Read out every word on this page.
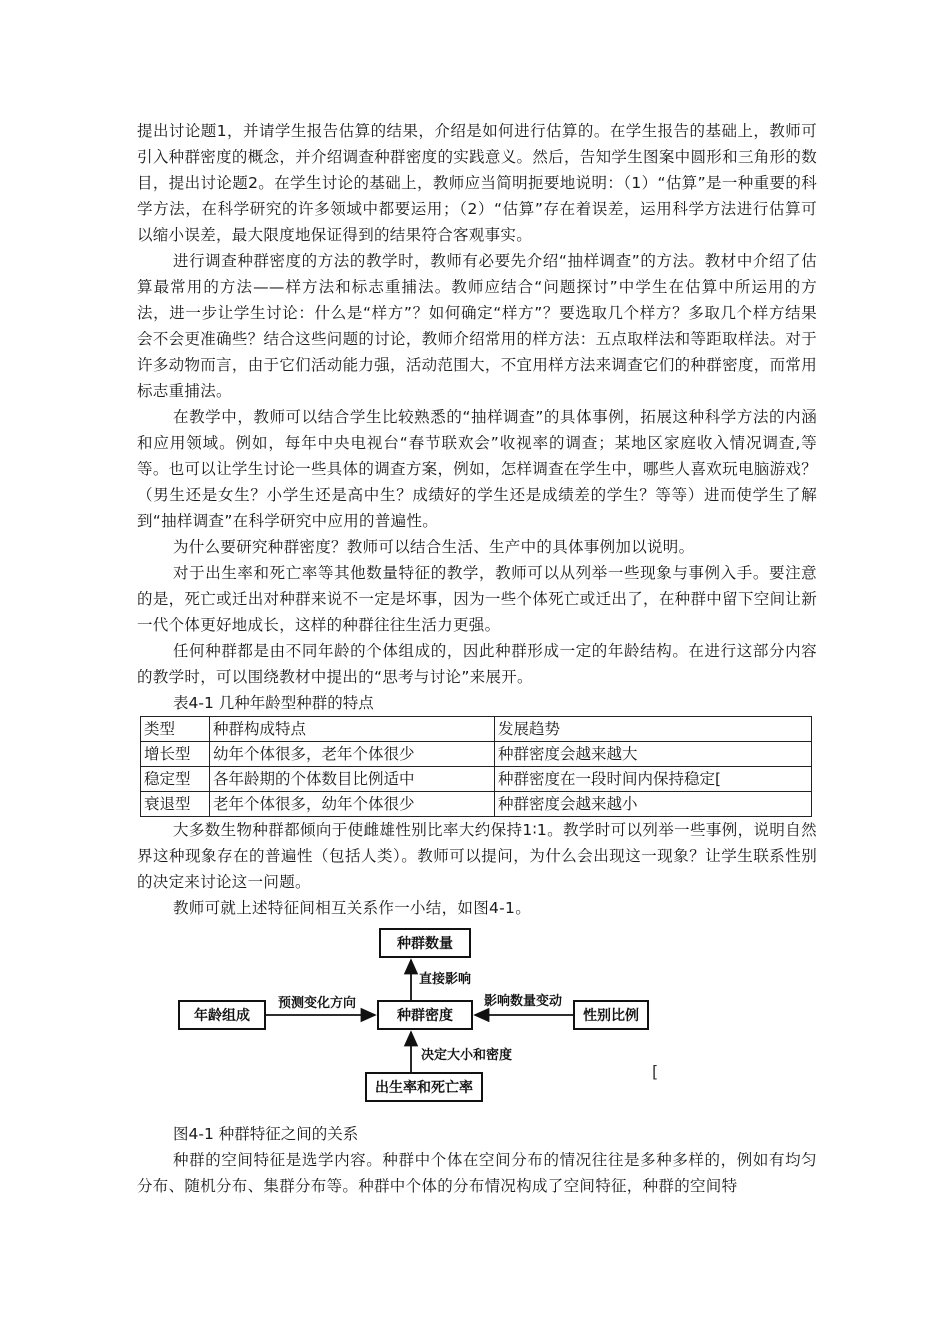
提出讨论题1，并请学生报告估算的结果，介绍是如何进行估算的。在学生报告的基础上，教师可引入种群密度的概念，并介绍调查种群密度的实践意义。然后，告知学生图案中圆形和三角形的数目，提出讨论题2。在学生讨论的基础上，教师应当简明扼要地说明：（1）“估算”是一种重要的科学方法，在科学研究的许多领域中都要运用；（2）“估算”存在着误差，运用科学方法进行估算可以缩小误差，最大限度地保证得到的结果符合客观事实。

进行调查种群密度的方法的教学时，教师有必要先介绍“抽样调查”的方法。教材中介绍了估算最常用的方法——样方法和标志重捕法。教师应结合“问题探讨”中学生在估算中所运用的方法，进一步让学生讨论：什么是“样方”？如何确定“样方”？要选取几个样方？多取几个样方结果会不会更准确些？结合这些问题的讨论，教师介绍常用的样方法：五点取样法和等距取样法。对于许多动物而言，由于它们活动能力强，活动范围大，不宜用样方法来调查它们的种群密度，而常用标志重捕法。

在教学中，教师可以结合学生比较熟悉的“抽样调查”的具体事例，拓展这种科学方法的内涵和应用领域。例如，每年中央电视台“春节联欢会”收视率的调查；某地区家庭收入情况调查,等等。也可以让学生讨论一些具体的调查方案，例如，怎样调查在学生中，哪些人喜欢玩电脑游戏？（男生还是女生？小学生还是高中生？成绩好的学生还是成绩差的学生？等等）进而使学生了解到“抽样调查”在科学研究中应用的普遍性。

为什么要研究种群密度？教师可以结合生活、生产中的具体事例加以说明。

对于出生率和死亡率等其他数量特征的教学，教师可以从列举一些现象与事例入手。要注意的是，死亡或迁出对种群来说不一定是坏事，因为一些个体死亡或迁出了，在种群中留下空间让新一代个体更好地成长，这样的种群往往生活力更强。

任何种群都是由不同年龄的个体组成的，因此种群形成一定的年龄结构。在进行这部分内容的教学时，可以围绕教材中提出的“思考与讨论”来展开。

表4-1 几种年龄型种群的特点

类型	种群构成特点	发展趋势
增长型	幼年个体很多，老年个体很少	种群密度会越来越大
稳定型	各年龄期的个体数目比例适中	种群密度在一段时间内保持稳定[
衰退型	老年个体很多，幼年个体很少	种群密度会越来越小

大多数生物种群都倾向于使雌雄性别比率大约保持1∶1。教学时可以列举一些事例，说明自然界这种现象存在的普遍性（包括人类）。教师可以提问，为什么会出现这一现象？让学生联系性别的决定来讨论这一问题。

教师可就上述特征间相互关系作一小结，如图4-1。

种群数量
年龄组成	种群密度	性别比例
出生率和死亡率
直接影响
预测变化方向	影响数量变动
决定大小和密度

图4-1 种群特征之间的关系

种群的空间特征是选学内容。种群中个体在空间分布的情况往往是多种多样的，例如有均匀分布、随机分布、集群分布等。种群中个体的分布情况构成了空间特征，种群的空间特

[
